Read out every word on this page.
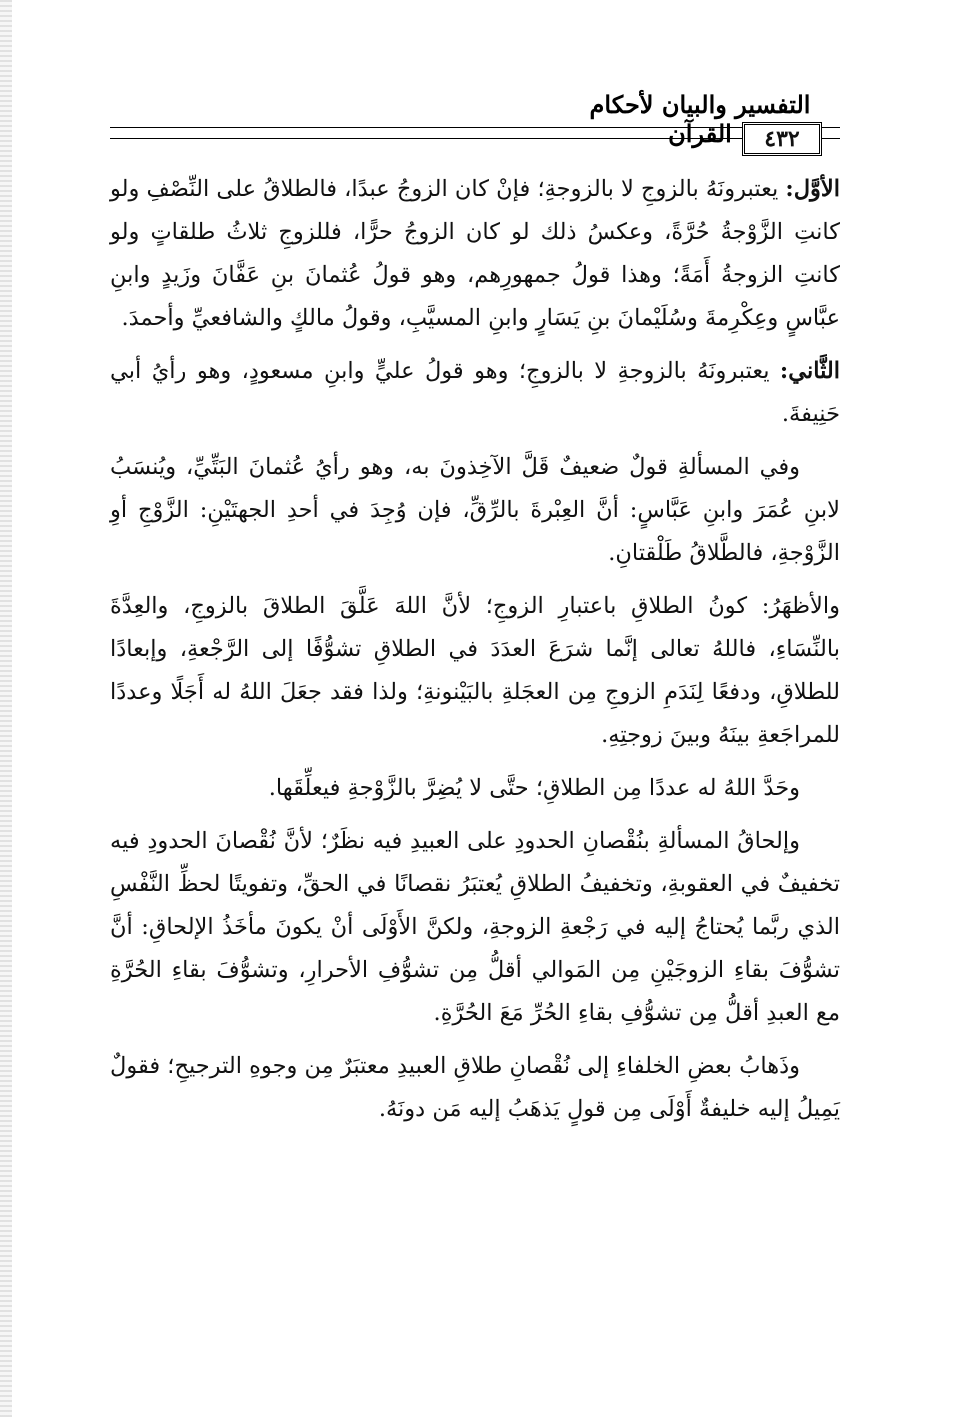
التفسير والبيان لأحكام القرآن	٤٣٢

الأوَّل: يعتبرونَهُ بالزوجِ لا بالزوجةِ؛ فإنْ كان الزوجُ عبدًا، فالطلاقُ على النِّصْفِ ولو كانتِ الزَّوْجةُ حُرَّةً، وعكسُ ذلك لو كان الزوجُ حرًّا، فللزوجِ ثلاثُ طلقاتٍ ولو كانتِ الزوجةُ أَمَةً؛ وهذا قولُ جمهورِهم، وهو قولُ عُثمانَ بنِ عَفَّانَ وزَيدٍ وابنِ عبَّاسٍ وعِكْرِمةَ وسُلَيْمانَ بنِ يَسَارٍ وابنِ المسيَّبِ، وقولُ مالكٍ والشافعيِّ وأحمدَ.

الثَّاني: يعتبرونَهُ بالزوجةِ لا بالزوجِ؛ وهو قولُ عليٍّ وابنِ مسعودٍ، وهو رأيُ أبي حَنِيفةَ.

وفي المسألةِ قولٌ ضعيفٌ قَلَّ الآخِذونَ به، وهو رأيُ عُثمانَ البَتِّيِّ، ويُنسَبُ لابنِ عُمَرَ وابنِ عَبَّاسٍ: أنَّ العِبْرةَ بالرِّقِّ، فإن وُجِدَ في أحدِ الجهتَيْنِ: الزَّوْجِ أوِ الزَّوْجةِ، فالطَّلاقُ طَلْقتانِ.

والأظهَرُ: كونُ الطلاقِ باعتبارِ الزوجِ؛ لأنَّ اللهَ عَلَّقَ الطلاقَ بالزوجِ، والعِدَّةَ بالنِّسَاءِ، فاللهُ تعالى إنَّما شرَعَ العدَدَ في الطلاقِ تشوُّفًا إلى الرَّجْعةِ، وإبعادًا للطلاقِ، ودفعًا لِنَدَمِ الزوجِ مِن العجَلةِ بالبَيْنونةِ؛ ولذا فقد جعَلَ اللهُ له أَجَلًا وعددًا للمراجَعةِ بينَهُ وبينَ زوجتِهِ.

وحَدَّ اللهُ له عددًا مِن الطلاقِ؛ حتَّى لا يُضِرَّ بالزَّوْجةِ فيعلِّقَها.

وإلحاقُ المسألةِ بنُقْصانِ الحدودِ على العبيدِ فيه نظَرٌ؛ لأنَّ نُقْصانَ الحدودِ فيه تخفيفٌ في العقوبةِ، وتخفيفُ الطلاقِ يُعتبَرُ نقصانًا في الحقِّ، وتفويتًا لحظِّ النَّفْسِ الذي ربَّما يُحتاجُ إليه في رَجْعةِ الزوجةِ، ولكنَّ الأَوْلَى أنْ يكونَ مأخَذُ الإلحاقِ: أنَّ تشوُّفَ بقاءِ الزوجَيْنِ مِن المَوالي أقلُّ مِن تشوُّفِ الأحرارِ، وتشوُّفَ بقاءِ الحُرَّةِ مع العبدِ أقلُّ مِن تشوُّفِ بقاءِ الحُرِّ مَعَ الحُرَّةِ.

وذَهابُ بعضِ الخلفاءِ إلى نُقْصانِ طلاقِ العبيدِ معتبَرٌ مِن وجوهِ الترجيحِ؛ فقولٌ يَمِيلُ إليه خليفةٌ أَوْلَى مِن قولٍ يَذهَبُ إليه مَن دونَهُ.
